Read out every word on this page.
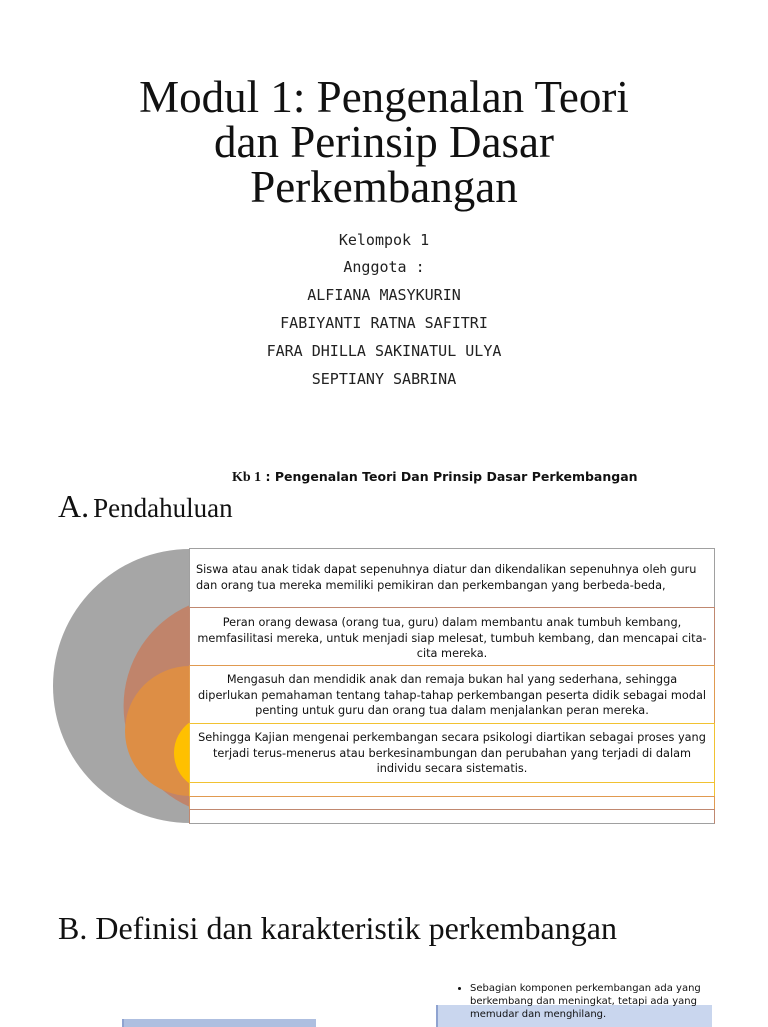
Modul 1: Pengenalan Teori
dan Perinsip Dasar
Perkembangan
Kelompok 1
Anggota :
ALFIANA MASYKURIN
FABIYANTI RATNA SAFITRI
FARA DHILLA SAKINATUL ULYA
SEPTIANY SABRINA
Kb 1 : Pengenalan Teori Dan Prinsip Dasar Perkembangan
A. Pendahuluan
Siswa atau anak tidak dapat sepenuhnya diatur dan dikendalikan sepenuhnya oleh guru dan orang tua mereka memiliki pemikiran dan perkembangan yang berbeda-beda,
Peran orang dewasa (orang tua, guru) dalam membantu anak tumbuh kembang, memfasilitasi mereka, untuk menjadi siap melesat, tumbuh kembang, dan mencapai cita-cita mereka.
Mengasuh dan mendidik anak dan remaja bukan hal yang sederhana, sehingga diperlukan pemahaman tentang tahap-tahap perkembangan peserta didik sebagai modal penting untuk guru dan orang tua dalam menjalankan peran mereka.
Sehingga Kajian mengenai perkembangan secara psikologi diartikan sebagai proses yang terjadi terus-menerus atau berkesinambungan dan perubahan yang terjadi di dalam individu secara sistematis.
B. Definisi dan karakteristik perkembangan
• Sebagian komponen perkembangan ada yang berkembang dan meningkat, tetapi ada yang memudar dan menghilang.
